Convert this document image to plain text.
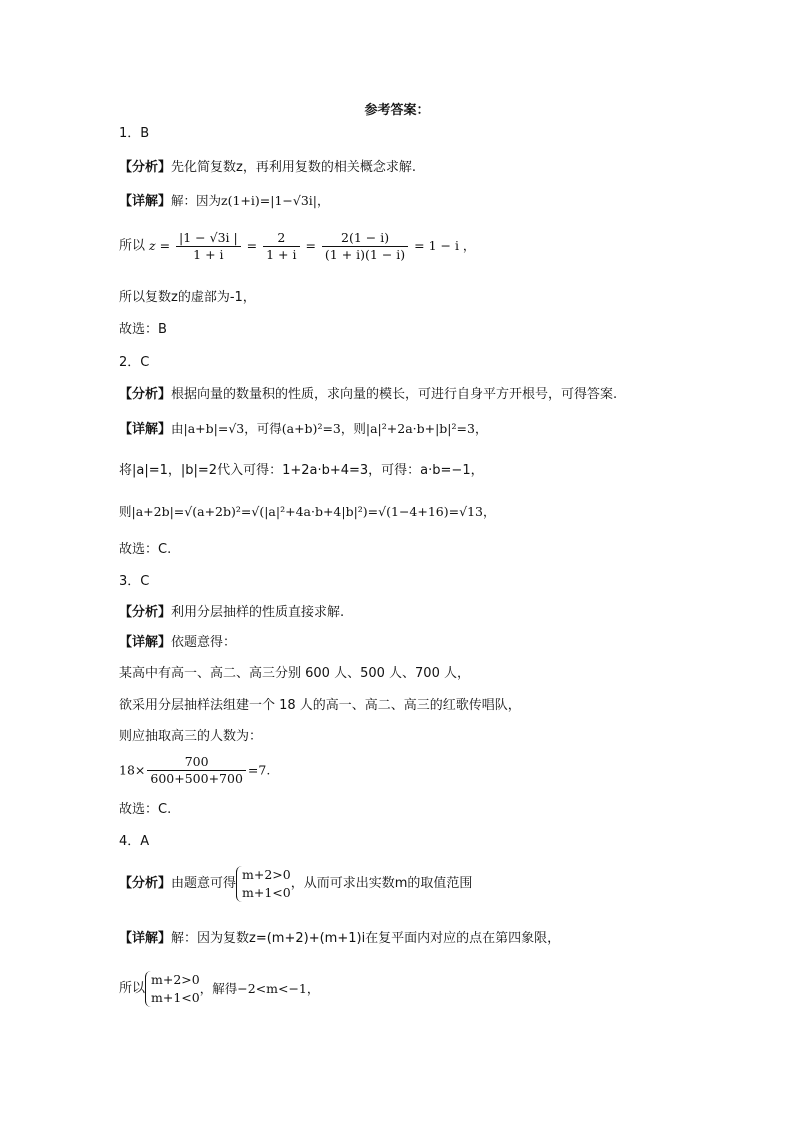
参考答案：
1．B
【分析】先化简复数z，再利用复数的相关概念求解.
【详解】解：因为z(1+i)=|1−√3i|，
所以 $z = \frac{|1 - √3i |}{1 + i} = \frac{2}{1 + i} = \frac{2(1 - i)}{(1 + i)(1 - i)} = 1 - i$ ，
所以复数z的虚部为-1，
故选：B
2．C
【分析】根据向量的数量积的性质，求向量的模长，可进行自身平方开根号，可得答案.
【详解】由|a+b|=√3，可得(a+b)²=3，则|a|²+2a·b+|b|²=3，
将|a|=1，|b|=2代入可得：1+2a·b+4=3，可得：a·b=−1，
则|a+2b|=√(a+2b)²=√(|a|²+4a·b+4|b|²)=√(1−4+16)=√13，
故选：C.
3．C
【分析】利用分层抽样的性质直接求解.
【详解】依题意得：
某高中有高一、高二、高三分别 600 人、500 人、700 人，
欲采用分层抽样法组建一个 18 人的高一、高二、高三的红歌传唱队，
则应抽取高三的人数为：
$18\times \frac{700}{600+500+700} =7$.
故选：C.
4．A
【分析】由题意可得
m+2>0
m+1<0
，从而可求出实数m的取值范围
【详解】解：因为复数z=(m+2)+(m+1)i在复平面内对应的点在第四象限，
所以
m+2>0
m+1<0
，解得−2<m<−1，
